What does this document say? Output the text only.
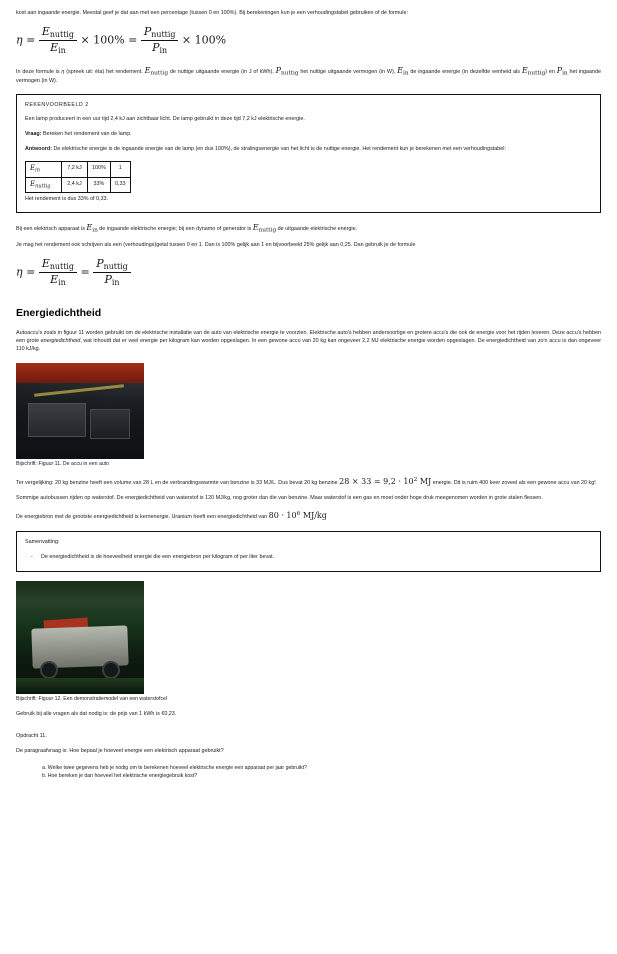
kost aan ingaande energie. Meestal geef je dat aan met een percentage (tussen 0 en 100%). Bij berekeningen kun je een verhoudingstabel gebruiken of de formule:

$\eta = \frac{E_{nuttig}}{E_{in}} \times 100\% = \frac{P_{nuttig}}{P_{in}} \times 100\%$

In deze formule is η (spreek uit: èta) het rendement. $E_{nuttig}$ de nuttige uitgaande energie (in J of kWh), $P_{nuttig}$ het nuttige uitgaande vermogen (in W), $E_{in}$ de ingaande energie (in dezelfde eenheid als $E_{nuttig}$) en $P_{in}$ het ingaande vermogen (in W).

REKENVOORBEELD 2

Een lamp produceert in een uur tijd 2,4 kJ aan zichtbaar licht. De lamp gebruikt in deze tijd 7,2 kJ elektrische energie.

Vraag: Bereken het rendement van de lamp.

Antwoord: De elektrische energie is de ingaande energie van de lamp (en dus 100%), de stralingsenergie van het licht is de nuttige energie. Het rendement kun je berekenen met een verhoudingstabel:

$E_{in}$	7,2 kJ	100%	1
$E_{nuttig}$	2,4 kJ	33%	0,33

Het rendement is dus 33% of 0,33.

Bij een elektrisch apparaat is $E_{in}$ de ingaande elektrische energie; bij een dynamo of generator is $E_{nuttig}$ de uitgaande elektrische energie.

Je mag het rendement ook schrijven als een (verhoudings)getal tussen 0 en 1. Dan is 100% gelijk aan 1 en bijvoorbeeld 25% gelijk aan 0,25. Dan gebruik je de formule

$\eta = \frac{E_{nuttig}}{E_{in}} = \frac{P_{nuttig}}{P_{in}}$
Energiedichtheid

Autoaccu's zoals in figuur 11 worden gebruikt om de elektrische installatie van de auto van elektrische energie te voorzien. Elektrische auto's hebben andersoortige en grotere accu's die ook de energie voor het rijden leveren. Deze accu's hebben een grote energiedichtheid, wat inhoudt dat er veel energie per kilogram kan worden opgeslagen. In een gewone accu van 20 kg kan ongeveer 2,2 MJ elektrische energie worden opgeslagen. De energiedichtheid van zo'n accu is dan ongeveer 110 kJ/kg.

Bijschrift: Figuur 11. De accu in een auto

Ter vergelijking: 20 kg benzine heeft een volume van 28 L en de verbrandingswarmte van benzine is 33 MJ/L. Dus bevat 20 kg benzine $28 \times 33 = 9,2 \cdot 10^2$ MJ energie. Dit is ruim 400 keer zoveel als een gewone accu van 20 kg!

Sommige autobussen rijden op waterstof. De energiedichtheid van waterstof is 120 MJ/kg, nog groter dan die van benzine. Maar waterstof is een gas en moet onder hoge druk meegenomen worden in grote stalen flessen.

De energiebron met de grootste energiedichtheid is kernenergie. Uranium heeft een energiedichtheid van $80 \cdot 10^6$ MJ/kg

Samenvatting:
- De energiedichtheid is de hoeveelheid energie die een energiebron per kilogram of per liter bevat.
Bijschrift: Figuur 12. Een demonstratiemodel van een waterstofcel

Gebruik bij alle vragen als dat nodig is: de prijs van 1 kWh is €0,23.

Opdracht 11.
De paragraafvraag is: Hoe bepaal je hoeveel energie een elektrisch apparaat gebruikt?
a. Welke twee gegevens heb je nodig om te berekenen hoeveel elektrische energie een apparaat per jaar gebruikt?
b. Hoe bereken je dan hoeveel het elektrische energiegebruik kost?
